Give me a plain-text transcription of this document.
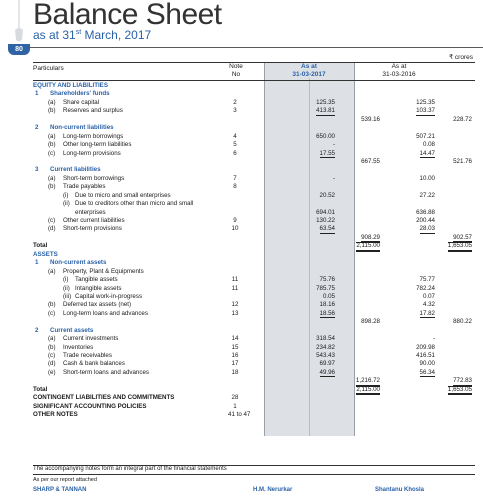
Balance Sheet
as at 31st March, 2017
80
₹ crores
Particulars	Note
No
As at
31-03-2017
As at
31-03-2016
EQUITY AND LIABILITIES
1 Shareholders' funds
(a) Share capital	2	125.35	125.35
(b) Reserves and surplus	3	413.81	103.37
539.16	228.72
2 Non-current liabilities
(a) Long-term borrowings	4	650.00	507.21
(b) Other long-term liabilities	5	-	0.08
(c) Long-term provisions	6	17.55	14.47
667.55	521.76
3 Current liabilities
(a) Short-term borrowings	7	-	10.00
(b) Trade payables	8
(i) Due to micro and small enterprises	20.52	27.22
(ii) Due to creditors other than micro and small
enterprises	694.01	636.88
(c) Other current liabilities	9	130.22	200.44
(d) Short-term provisions	10	63.54	28.03
908.29	902.57
Total	2,115.00	1,653.05
ASSETS
1 Non-current assets
(a) Property, Plant & Equipments
(i) Tangible assets	11	75.76	75.77
(ii) Intangible assets	11	785.75	782.24
(iii) Capital work-in-progress	0.05	0.07
(b) Deferred tax assets (net)	12	18.16	4.32
(c) Long-term loans and advances	13	18.56	17.82
898.28	880.22
2 Current assets
(a) Current investments	14	318.54	-
(b) Inventories	15	234.82	209.98
(c) Trade receivables	16	543.43	416.51
(d) Cash & bank balances	17	69.97	90.00
(e) Short-term loans and advances	18	49.96	56.34
1,216.72	772.83
Total	2,115.00	1,653.05
CONTINGENT LIABILITIES AND COMMITMENTS	28
SIGNIFICANT ACCOUNTING POLICIES	1
OTHER NOTES	41 to 47
The accompanying notes form an integral part of the financial statements
As per our report attached
SHARP & TANNAN	H.M. Nerurkar	Shantanu Khosla
